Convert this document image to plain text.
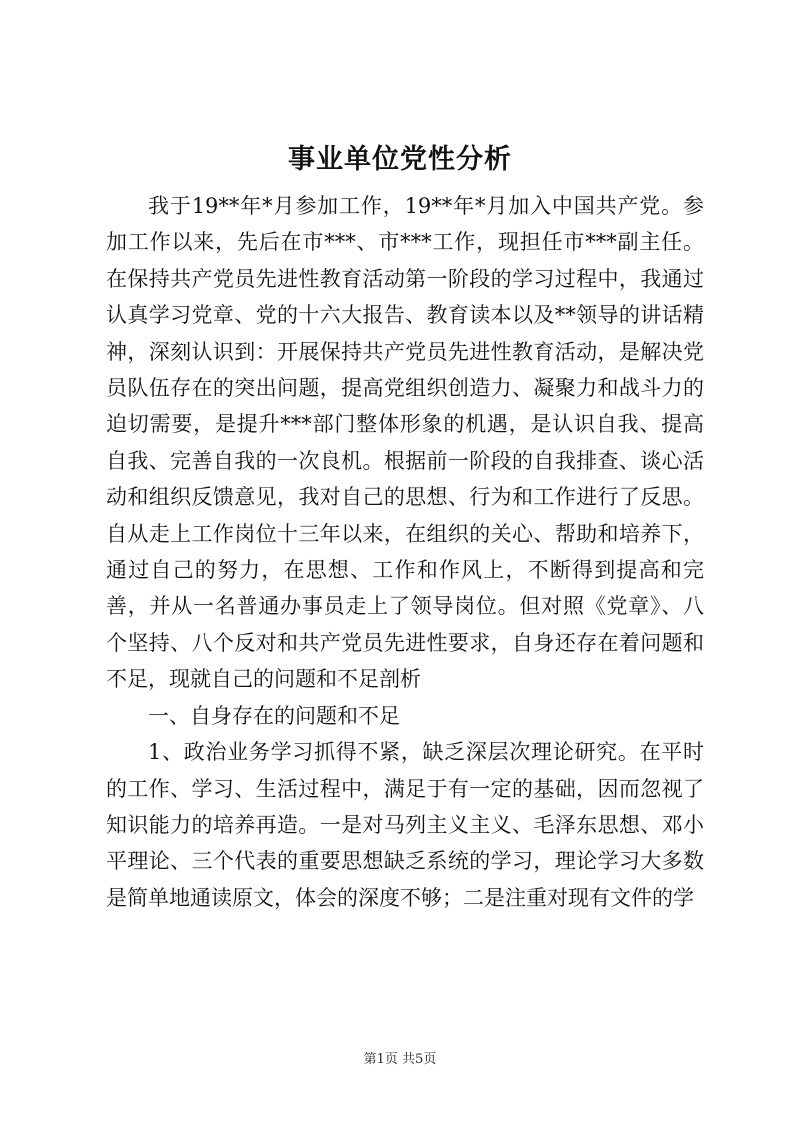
事业单位党性分析

我于19**年*月参加工作，19**年*月加入中国共产党。参加工作以来，先后在市***、市***工作，现担任市***副主任。在保持共产党员先进性教育活动第一阶段的学习过程中，我通过认真学习党章、党的十六大报告、教育读本以及**领导的讲话精神，深刻认识到：开展保持共产党员先进性教育活动，是解决党员队伍存在的突出问题，提高党组织创造力、凝聚力和战斗力的迫切需要，是提升***部门整体形象的机遇，是认识自我、提高自我、完善自我的一次良机。根据前一阶段的自我排查、谈心活动和组织反馈意见，我对自己的思想、行为和工作进行了反思。自从走上工作岗位十三年以来，在组织的关心、帮助和培养下，通过自己的努力，在思想、工作和作风上，不断得到提高和完善，并从一名普通办事员走上了领导岗位。但对照《党章》、八个坚持、八个反对和共产党员先进性要求，自身还存在着问题和不足，现就自己的问题和不足剖析

一、自身存在的问题和不足

1、政治业务学习抓得不紧，缺乏深层次理论研究。在平时的工作、学习、生活过程中，满足于有一定的基础，因而忽视了知识能力的培养再造。一是对马列主义主义、毛泽东思想、邓小平理论、三个代表的重要思想缺乏系统的学习，理论学习大多数是简单地通读原文，体会的深度不够；二是注重对现有文件的学

第1页 共5页
